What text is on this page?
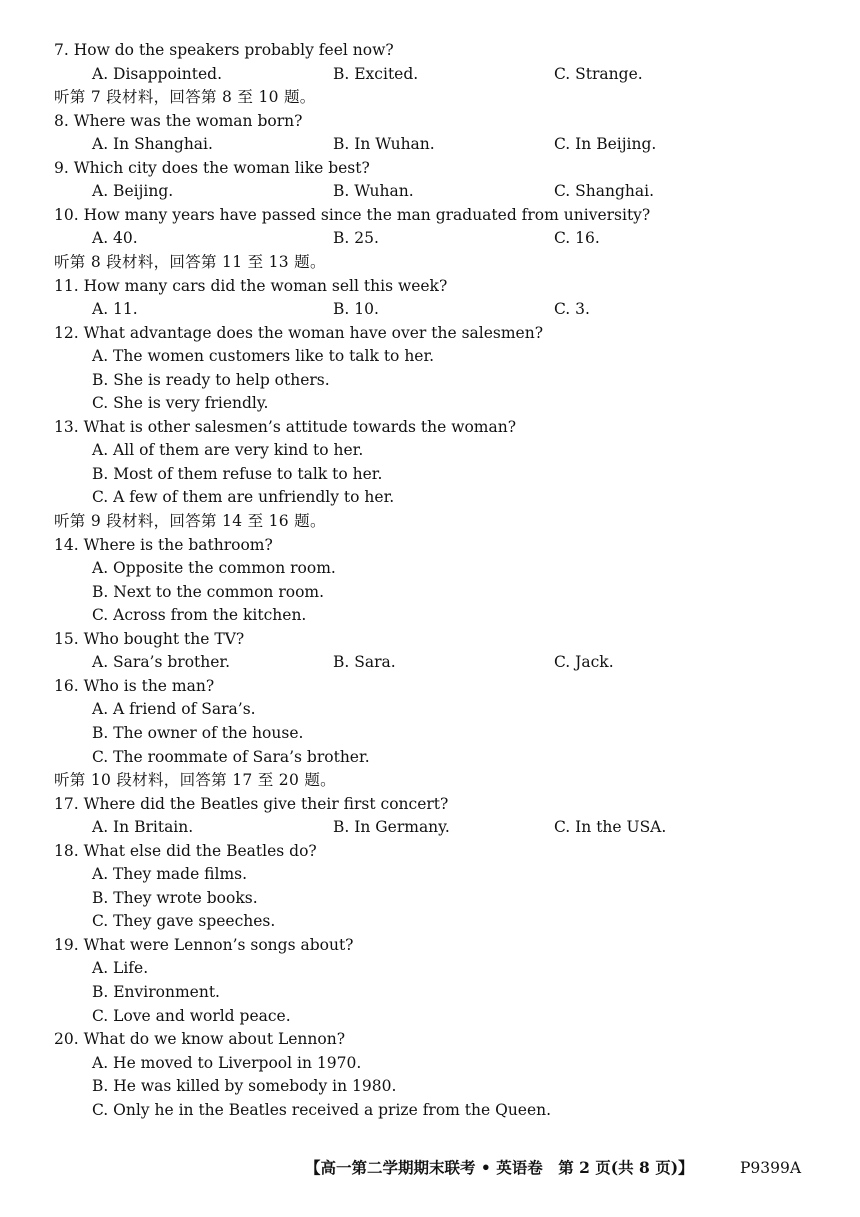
7. How do the speakers probably feel now?
A. Disappointed.	B. Excited.	C. Strange.
听第 7 段材料，回答第 8 至 10 题。
8. Where was the woman born?
A. In Shanghai.	B. In Wuhan.	C. In Beijing.
9. Which city does the woman like best?
A. Beijing.	B. Wuhan.	C. Shanghai.
10. How many years have passed since the man graduated from university?
A. 40.	B. 25.	C. 16.
听第 8 段材料，回答第 11 至 13 题。
11. How many cars did the woman sell this week?
A. 11.	B. 10.	C. 3.
12. What advantage does the woman have over the salesmen?
A. The women customers like to talk to her.
B. She is ready to help others.
C. She is very friendly.
13. What is other salesmen’s attitude towards the woman?
A. All of them are very kind to her.
B. Most of them refuse to talk to her.
C. A few of them are unfriendly to her.
听第 9 段材料，回答第 14 至 16 题。
14. Where is the bathroom?
A. Opposite the common room.
B. Next to the common room.
C. Across from the kitchen.
15. Who bought the TV?
A. Sara’s brother.	B. Sara.	C. Jack.
16. Who is the man?
A. A friend of Sara’s.
B. The owner of the house.
C. The roommate of Sara’s brother.
听第 10 段材料，回答第 17 至 20 题。
17. Where did the Beatles give their first concert?
A. In Britain.	B. In Germany.	C. In the USA.
18. What else did the Beatles do?
A. They made films.
B. They wrote books.
C. They gave speeches.
19. What were Lennon’s songs about?
A. Life.
B. Environment.
C. Love and world peace.
20. What do we know about Lennon?
A. He moved to Liverpool in 1970.
B. He was killed by somebody in 1980.
C. Only he in the Beatles received a prize from the Queen.
【高一第二学期期末联考 • 英语卷　第 2 页(共 8 页)】	P9399A
